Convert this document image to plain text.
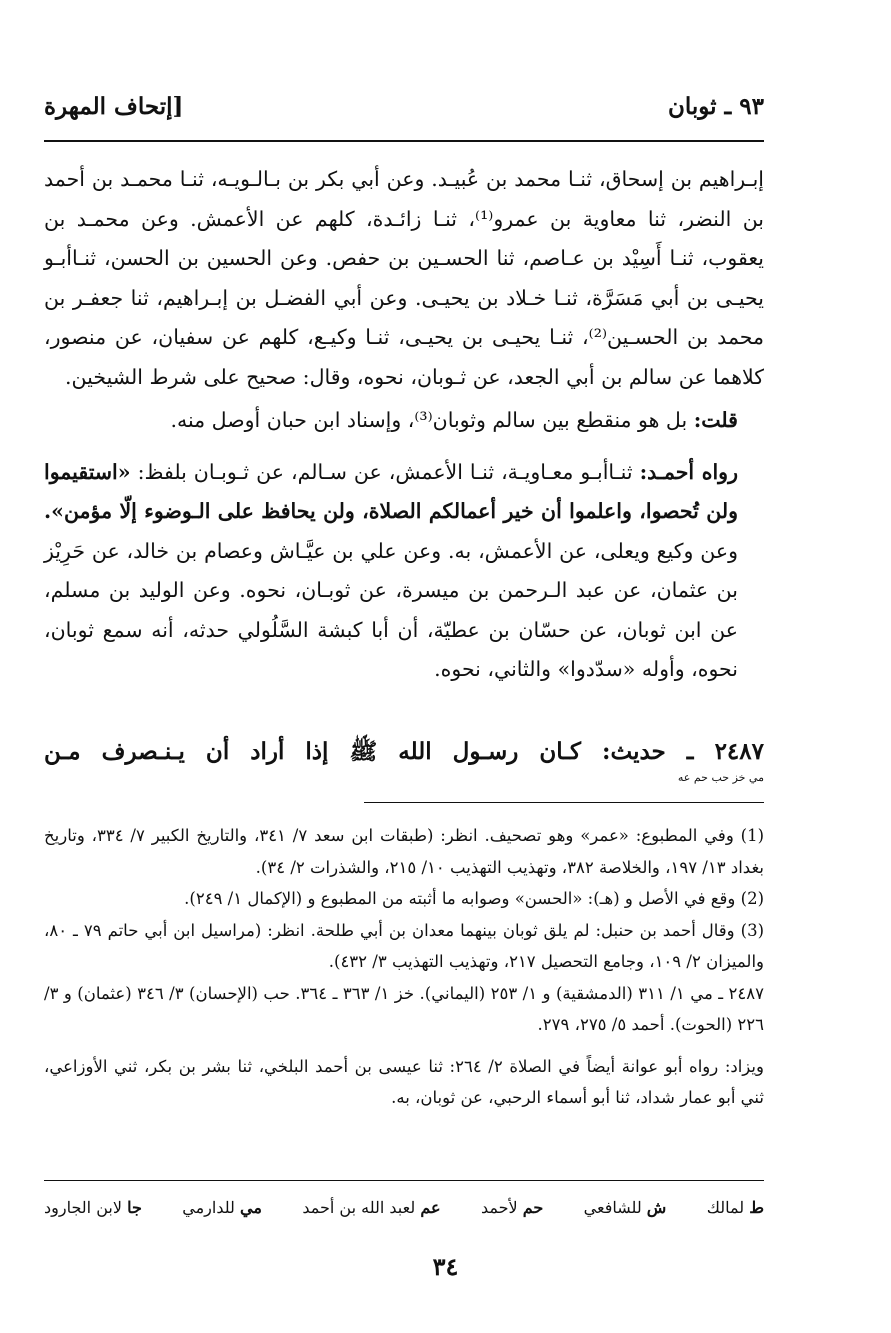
٩٣ ـ ثوبان
[إتحاف المهرة

إبـراهيم بن إسحاق، ثنـا محمد بن عُبيـد. وعن أبي بكر بن بـالـويـه، ثنـا محمـد بن أحمد بن النضر، ثنا معاوية بن عمرو⁽¹⁾، ثنـا زائـدة، كلهم عن الأعمش. وعن محمـد بن يعقوب، ثنـا أَسِيْد بن عـاصم، ثنا الحسـين بن حفص. وعن الحسين بن الحسن، ثنـاأبـو يحيـى بن أبي مَسَرَّة، ثنـا خـلاد بن يحيـى. وعن أبي الفضـل بن إبـراهيم، ثنا جعفـر بن محمد بن الحسـين⁽²⁾، ثنـا يحيـى بن يحيـى، ثنـا وكيـع، كلهم عن سفيان، عن منصور، كلاهما عن سالم بن أبي الجعد، عن ثـوبان، نحوه، وقال: صحيح على شرط الشيخين.

قلت: بل هو منقطع بين سالم وثوبان⁽³⁾، وإسناد ابن حبان أوصل منه.

رواه أحمـد: ثنـاأبـو معـاويـة، ثنـا الأعمش، عن سـالم، عن ثـوبـان بلفظ: «استقيموا ولن تُحصوا، واعلموا أن خير أعمالكم الصلاة، ولن يحافظ على الـوضوء إلّا مؤمن». وعن وكيع ويعلى، عن الأعمش، به. وعن علي بن عيَّـاش وعصام بن خالد، عن حَرِيْز بن عثمان، عن عبد الـرحمن بن ميسرة، عن ثوبـان، نحوه. وعن الوليد بن مسلم، عن ابن ثوبان، عن حسّان بن عطيّة، أن أبا كبشة السَّلُولي حدثه، أنه سمع ثوبان، نحوه، وأوله «سدّدوا» والثاني، نحوه.

٢٤٨٧ ـ حديث: كـان رسـول الله ﷺ إذا أراد أن يـنـصرف مـن
مي خز حب حم عه

(1) وفي المطبوع: «عمر» وهو تصحيف. انظر: (طبقات ابن سعد ٧/ ٣٤١، والتاريخ الكبير ٧/ ٣٣٤، وتاريخ بغداد ١٣/ ١٩٧، والخلاصة ٣٨٢، وتهذيب التهذيب ١٠/ ٢١٥، والشذرات ٢/ ٣٤).

(2) وقع في الأصل و (هـ): «الحسن» وصوابه ما أثبته من المطبوع و (الإكمال ١/ ٢٤٩).

(3) وقال أحمد بن حنبل: لم يلق ثوبان بينهما معدان بن أبي طلحة. انظر: (مراسيل ابن أبي حاتم ٧٩ ـ ٨٠، والميزان ٢/ ١٠٩، وجامع التحصيل ٢١٧، وتهذيب التهذيب ٣/ ٤٣٢).

٢٤٨٧ ـ مي ١/ ٣١١ (الدمشقية) و ١/ ٢٥٣ (اليماني). خز ١/ ٣٦٣ ـ ٣٦٤. حب (الإحسان) ٣/ ٣٤٦ (عثمان) و ٣/ ٢٢٦ (الحوت). أحمد ٥/ ٢٧٥، ٢٧٩.

ويزاد: رواه أبو عوانة أيضاً في الصلاة ٢/ ٢٦٤: ثنا عيسى بن أحمد البلخي، ثنا بشر بن بكر، ثني الأوزاعي، ثني أبو عمار شداد، ثنا أبو أسماء الرحبي، عن ثوبان، به.

ط لمالك
ش للشافعي
حم لأحمد
عم لعبد الله بن أحمد
مي للدارمي
جا لابن الجارود
٣٤
